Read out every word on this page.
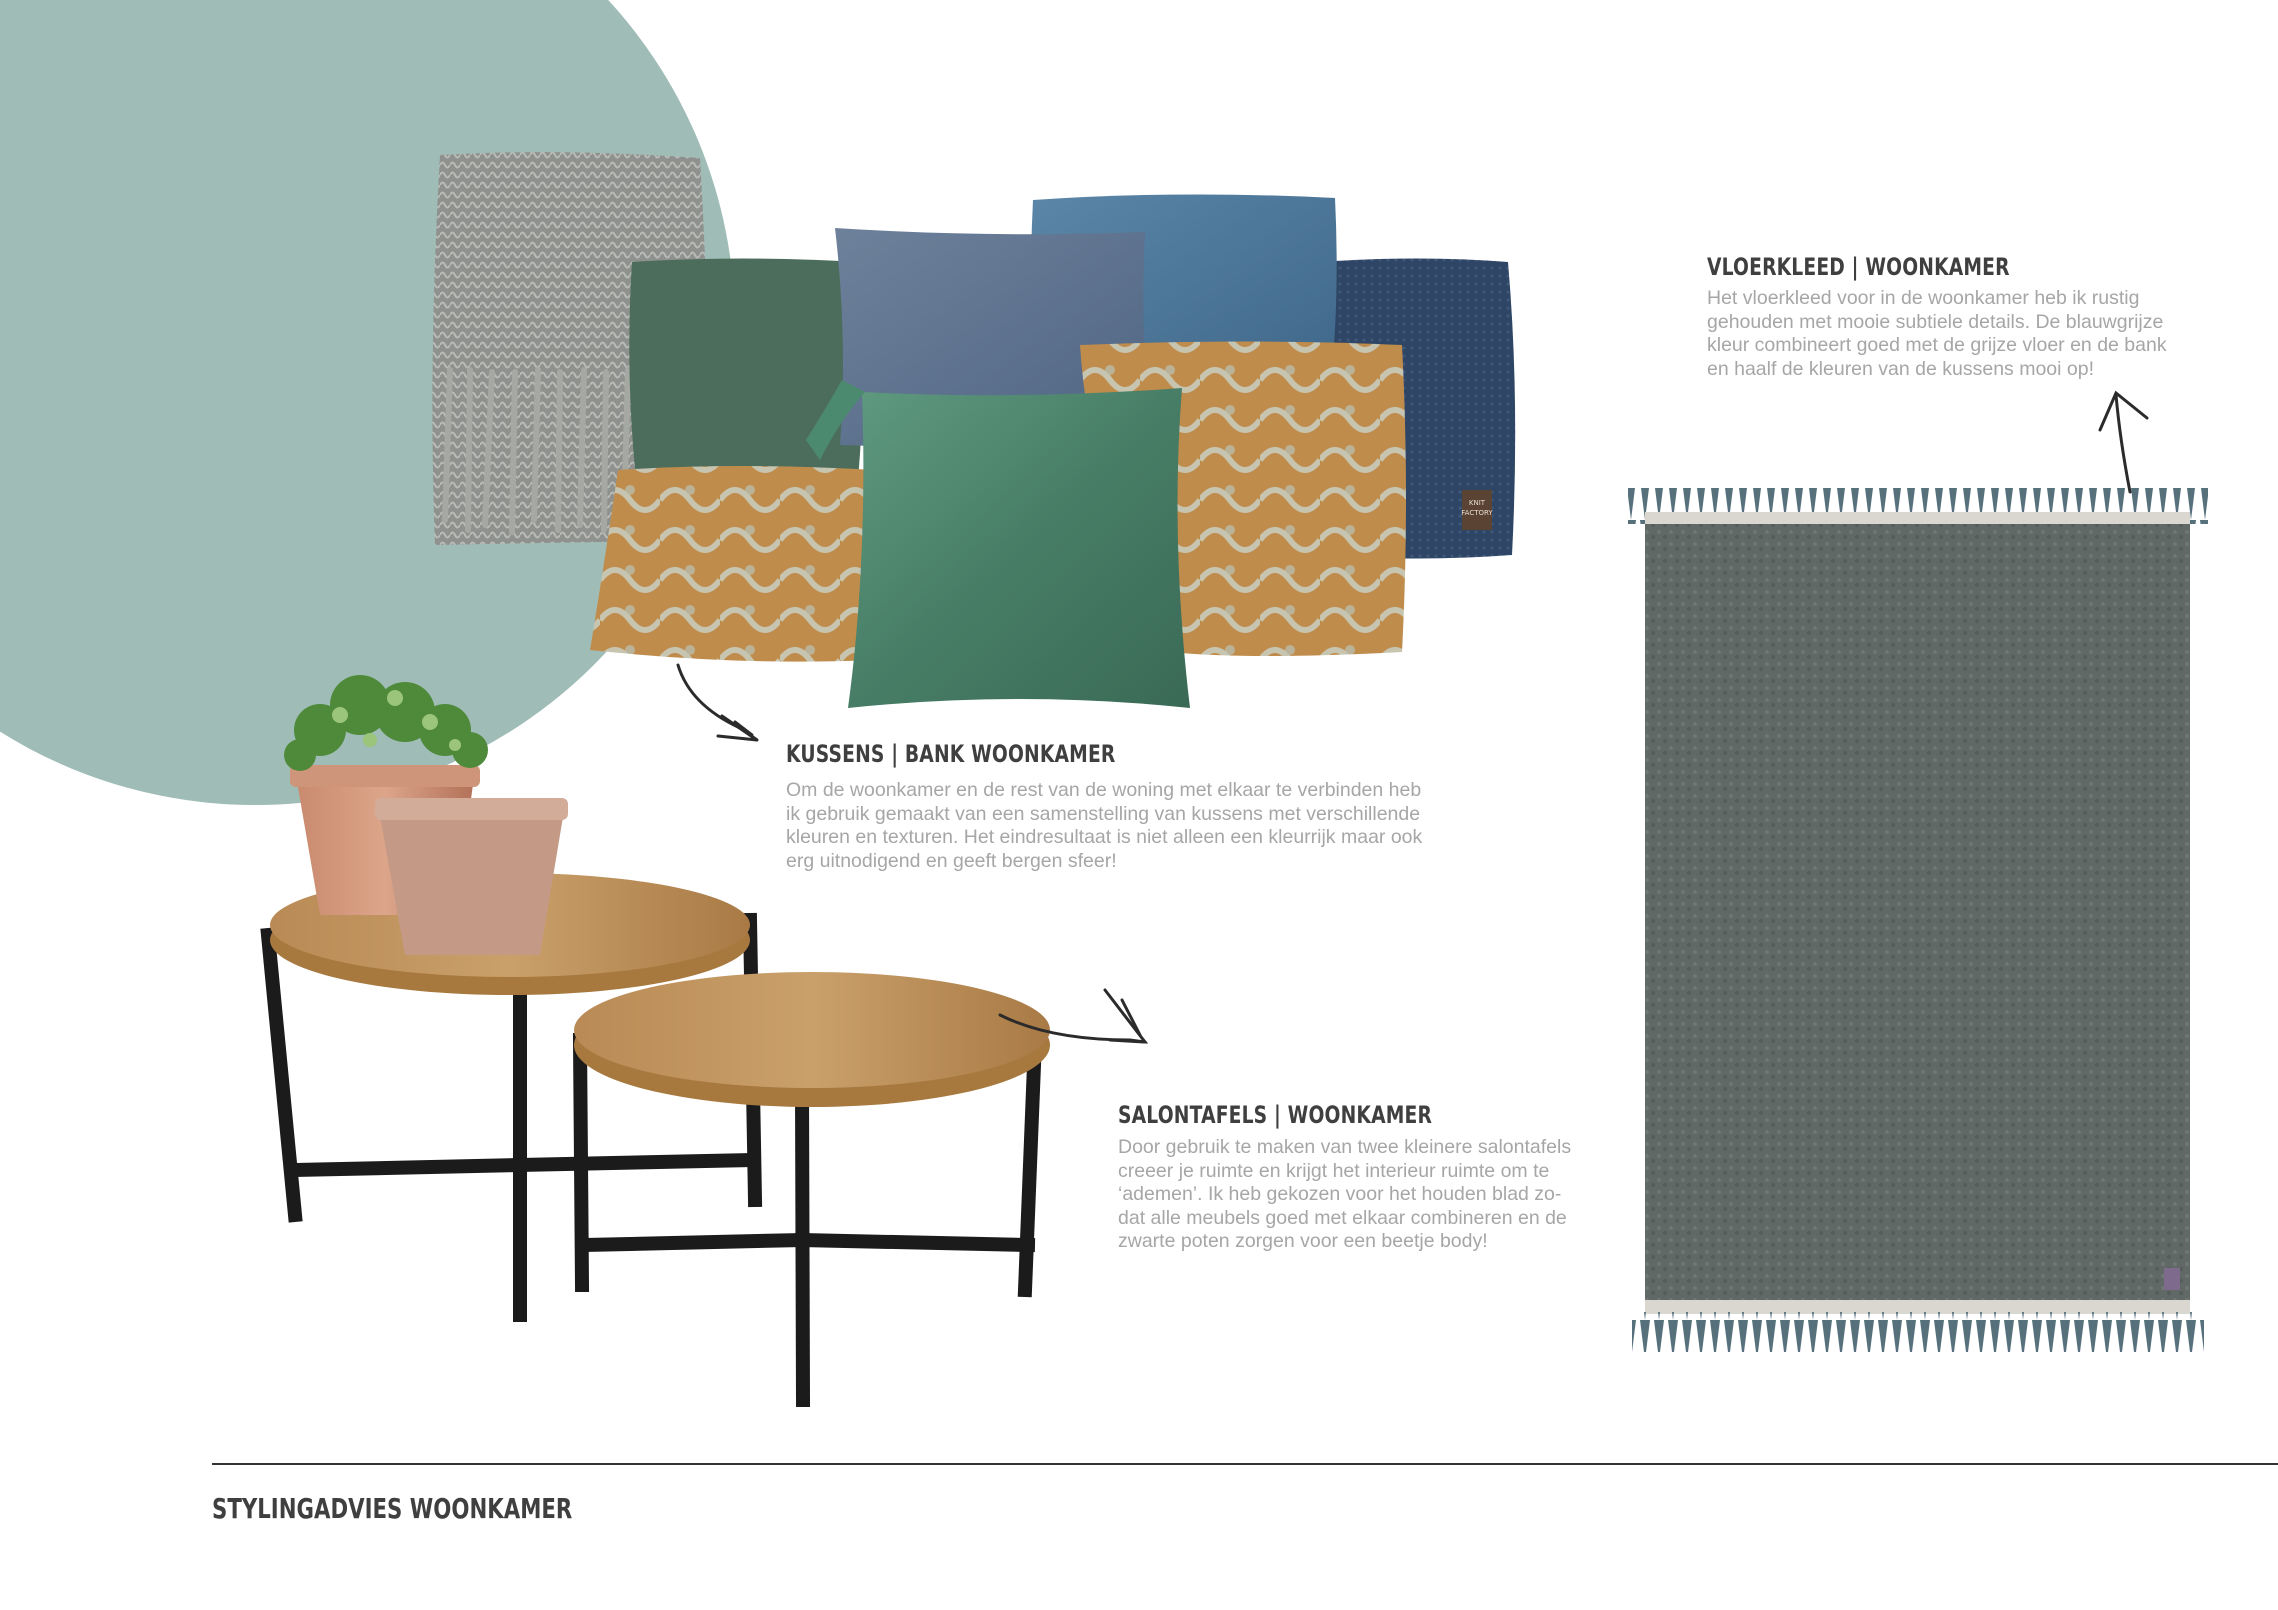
KNIT
FACTORY
KUSSENS | BANK WOONKAMER

Om de woonkamer en de rest van de woning met elkaar te verbinden heb

ik gebruik gemaakt van een samenstelling van kussens met verschillende

kleuren en texturen. Het eindresultaat is niet alleen een kleurrijk maar ook

erg uitnodigend en geeft bergen sfeer!

SALONTAFELS | WOONKAMER

Door gebruik te maken van twee kleinere salontafels

creeer je ruimte en krijgt het interieur ruimte om te

‘ademen’. Ik heb gekozen voor het houden blad zo-

dat alle meubels goed met elkaar combineren en de

zwarte poten zorgen voor een beetje body!

VLOERKLEED | WOONKAMER

Het vloerkleed voor in de woonkamer heb ik rustig

gehouden met mooie subtiele details. De blauwgrijze

kleur combineert goed met de grijze vloer en de bank

en haalf de kleuren van de kussens mooi op!

STYLINGADVIES WOONKAMER
